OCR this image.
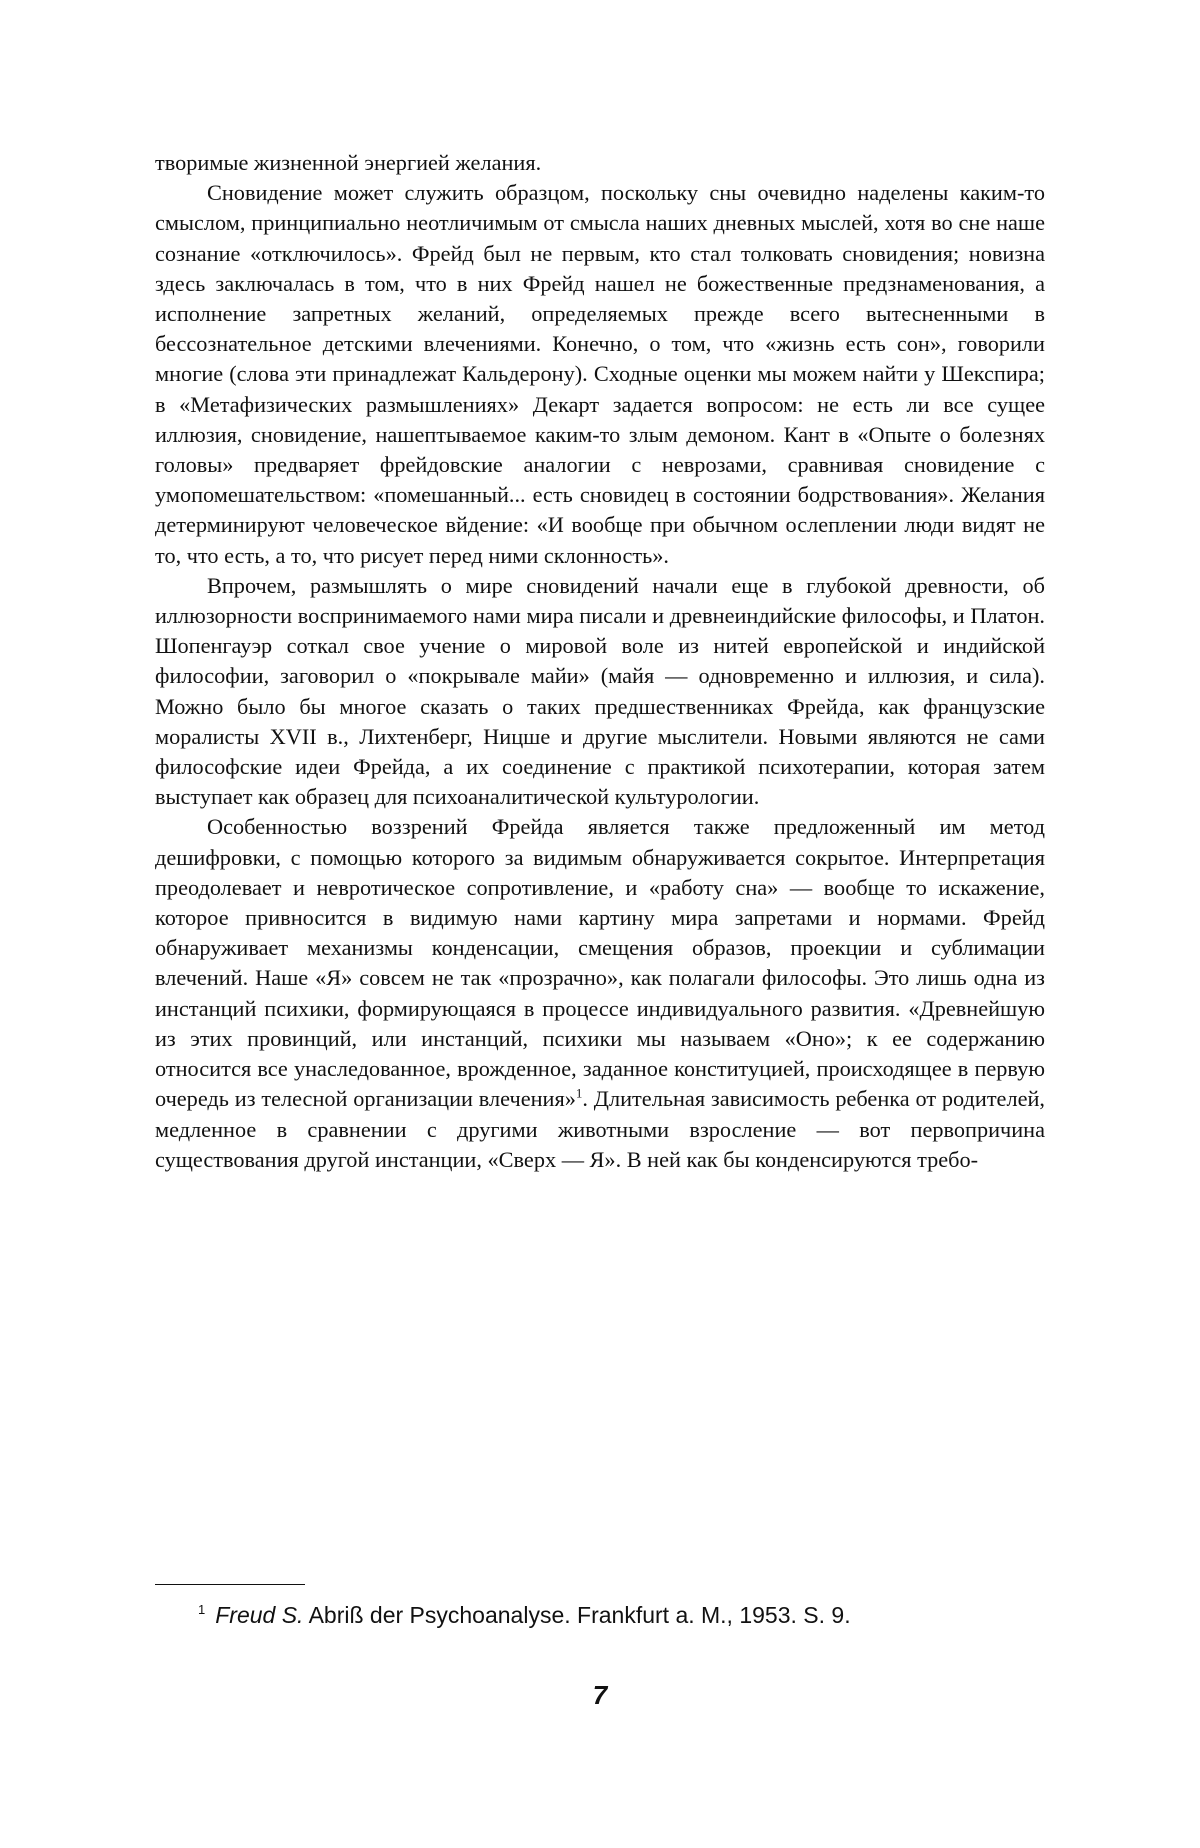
творимые жизненной энергией желания.

Сновидение может служить образцом, поскольку сны очевидно наделены каким-то смыслом, принципиально неотличимым от смысла наших дневных мыслей, хотя во сне наше сознание «отключилось». Фрейд был не первым, кто стал толковать сновидения; новизна здесь заключалась в том, что в них Фрейд нашел не божественные предзнаменования, а исполнение запретных желаний, определяемых прежде всего вытесненными в бессознательное детскими влечениями. Конечно, о том, что «жизнь есть сон», говорили многие (слова эти принадлежат Кальдерону). Сходные оценки мы можем найти у Шекспира; в «Метафизических размышлениях» Декарт задается вопросом: не есть ли все сущее иллюзия, сновидение, нашептываемое каким-то злым демоном. Кант в «Опыте о болезнях головы» предваряет фрейдовские аналогии с неврозами, сравнивая сновидение с умопомешательством: «помешанный... есть сновидец в состоянии бодрствования». Желания детерминируют человеческое вйдение: «И вообще при обычном ослеплении люди видят не то, что есть, а то, что рисует перед ними склонность».

Впрочем, размышлять о мире сновидений начали еще в глубокой древности, об иллюзорности воспринимаемого нами мира писали и древнеиндийские философы, и Платон. Шопенгауэр соткал свое учение о мировой воле из нитей европейской и индийской философии, заговорил о «покрывале майи» (майя — одновременно и иллюзия, и сила). Можно было бы многое сказать о таких предшественниках Фрейда, как французские моралисты XVII в., Лихтенберг, Ницше и другие мыслители. Новыми являются не сами философские идеи Фрейда, а их соединение с практикой психотерапии, которая затем выступает как образец для психоаналитической культурологии.

Особенностью воззрений Фрейда является также предложенный им метод дешифровки, с помощью которого за видимым обнаруживается сокрытое. Интерпретация преодолевает и невротическое сопротивление, и «работу сна» — вообще то искажение, которое привносится в видимую нами картину мира запретами и нормами. Фрейд обнаруживает механизмы конденсации, смещения образов, проекции и сублимации влечений. Наше «Я» совсем не так «прозрачно», как полагали философы. Это лишь одна из инстанций психики, формирующаяся в процессе индивидуального развития. «Древнейшую из этих провинций, или инстанций, психики мы называем «Оно»; к ее содержанию относится все унаследованное, врожденное, заданное конституцией, происходящее в первую очередь из телесной организации влечения»$^1$. Длительная зависимость ребенка от родителей, медленное в сравнении с другими животными взросление — вот первопричина существования другой инстанции, «Сверх — Я». В ней как бы конденсируются требо-

$^1$ Freud S. Abriß der Psychoanalyse. Frankfurt a. M., 1953. S. 9.
7
